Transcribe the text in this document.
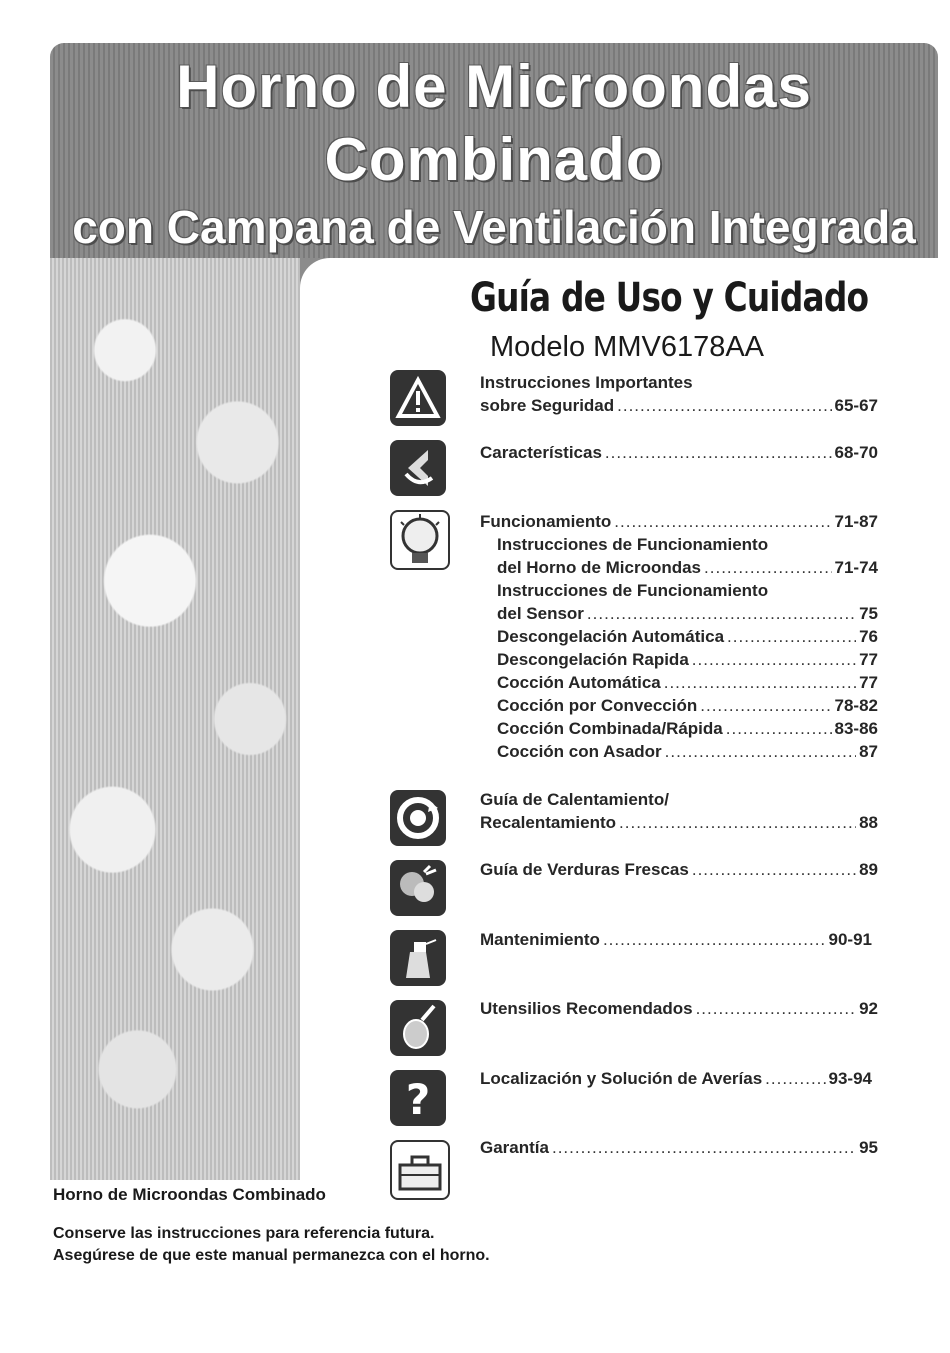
Horno de Microondas
Combinado
con Campana de Ventilación Integrada
Guía de Uso y Cuidado
Modelo MMV6178AA
?
Instrucciones Importantes
sobre Seguridad .....	65-67
Características .....	68-70
Funcionamiento .....	71-87
Instrucciones de Funcionamiento
del Horno de Microondas .....	71-74
Instrucciones de Funcionamiento
del Sensor .....	75
Descongelación Automática .....	76
Descongelación Rapida .....	77
Cocción Automática .....	77
Cocción por Convección .....	78-82
Cocción Combinada/Rápida .....	83-86
Cocción con Asador .....	87
Guía de Calentamiento/
Recalentamiento .....	88
Guía de Verduras Frescas .....	89
Mantenimiento .....	90-91
Utensilios Recomendados .....	92
Localización y Solución de Averías .....	93-94
Garantía .....	95
Horno de Microondas Combinado
Conserve las instrucciones para referencia futura.
Asegúrese de que este manual permanezca con el horno.
